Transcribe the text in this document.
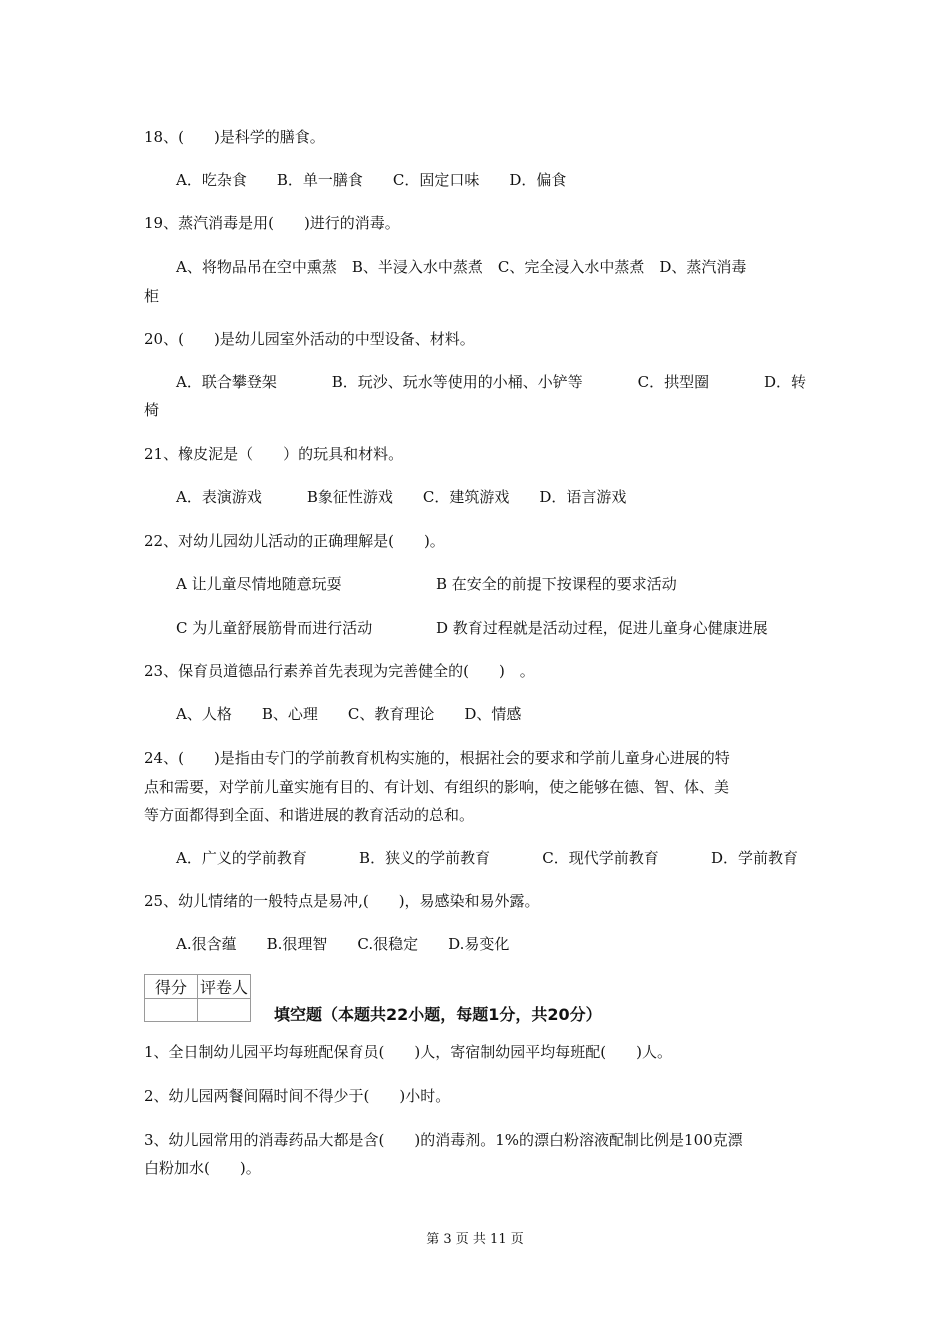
18、(　　)是科学的膳食。
A．吃杂食　　B．单一膳食　　C．固定口味　　D．偏食
19、蒸汽消毒是用(　　)进行的消毒。
A、将物品吊在空中熏蒸　B、半浸入水中蒸煮　C、完全浸入水中蒸煮　D、蒸汽消毒
柜
20、(　　)是幼儿园室外活动的中型设备、材料。
A．联合攀登架	B．玩沙、玩水等使用的小桶、小铲等	C．拱型圈	D．转
椅
21、橡皮泥是（　　）的玩具和材料。
A．表演游戏　　　B象征性游戏　　C．建筑游戏　　D．语言游戏
22、对幼儿园幼儿活动的正确理解是(　　)。
A 让儿童尽情地随意玩耍	B 在安全的前提下按课程的要求活动
C 为儿童舒展筋骨而进行活动	D 教育过程就是活动过程，促进儿童身心健康进展
23、保育员道德品行素养首先表现为完善健全的(　　)　。
A、人格　　B、心理　　C、教育理论　　D、情感
24、(　　)是指由专门的学前教育机构实施的，根据社会的要求和学前儿童身心进展的特
点和需要，对学前儿童实施有目的、有计划、有组织的影响，使之能够在德、智、体、美
等方面都得到全面、和谐进展的教育活动的总和。
A．广义的学前教育	B．狭义的学前教育	C．现代学前教育	D．学前教育
25、幼儿情绪的一般特点是易冲,(　　)，易感染和易外露。
A.很含蕴　　B.很理智　　C.很稳定　　D.易变化
得分	评卷人

填空题（本题共22小题，每题1分，共20分）
1、全日制幼儿园平均每班配保育员(　　)人，寄宿制幼园平均每班配(　　)人。
2、幼儿园两餐间隔时间不得少于(　　)小时。
3、幼儿园常用的消毒药品大都是含(　　)的消毒剂。1%的漂白粉溶液配制比例是100克漂
白粉加水(　　)。
第 3 页 共 11 页
